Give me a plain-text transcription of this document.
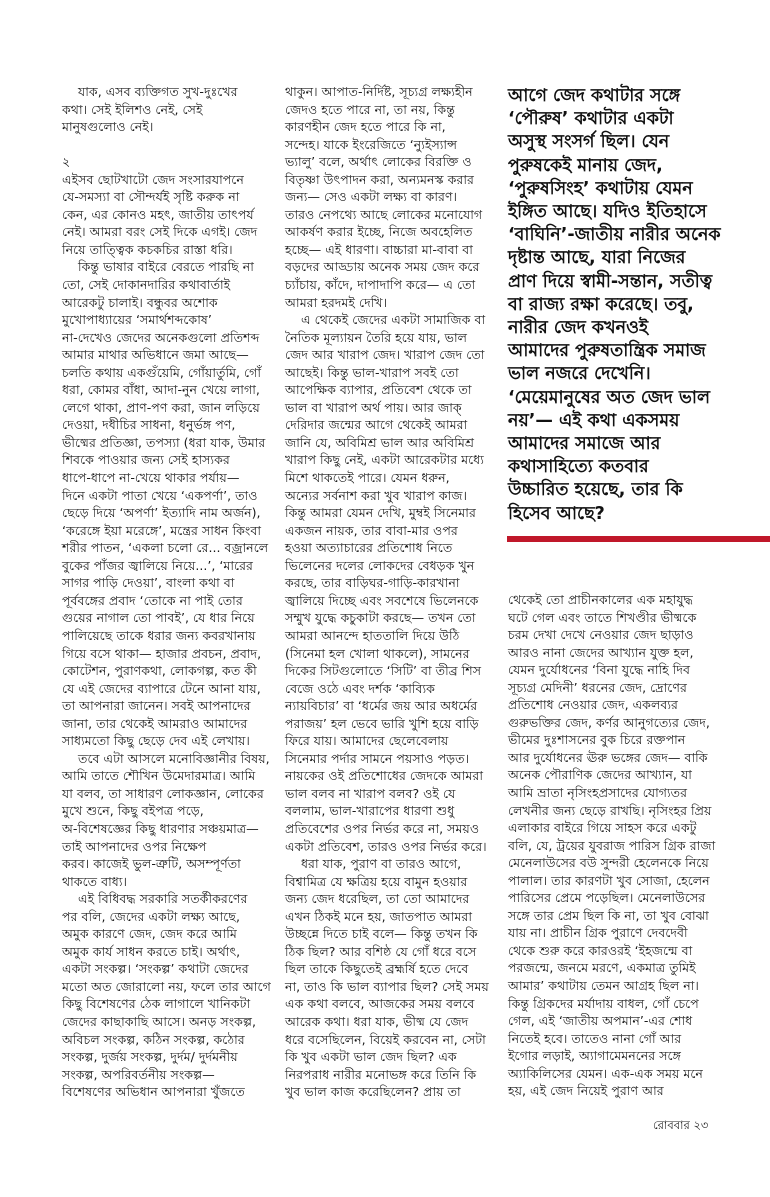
যাক, এসব ব্যক্তিগত সুখ-দুঃখের
কথা। সেই ইলিশও নেই, সেই
মানুষগুলোও নেই।

২
এইসব ছোটখাটো জেদ সংসারযাপনে
যে-সমস্যা বা সৌন্দর্যই সৃষ্টি করুক না
কেন, এর কোনও মহৎ, জাতীয় তাৎপর্য
নেই। আমরা বরং সেই দিকে এগই। জেদ
নিয়ে তাত্ত্বিক কচকচির রাস্তা ধরি।
কিন্তু ভাষার বাইরে বেরতে পারছি না
তো, সেই দোকানদারির কথাবার্তাই
আরেকটু চালাই। বন্ধুবর অশোক
মুখোপাধ্যায়ের ‘সমার্থশব্দকোষ’
না-দেখেও জেদের অনেকগুলো প্রতিশব্দ
আমার মাথার অভিধানে জমা আছে—
চলতি কথায় একগুঁয়েমি, গোঁয়ার্তুমি, গোঁ
ধরা, কোমর বাঁধা, আদা-নুন খেয়ে লাগা,
লেগে থাকা, প্রাণ-পণ করা, জান লড়িয়ে
দেওয়া, দধীচির সাধনা, ধনুর্ভঙ্গ পণ,
ভীষ্মের প্রতিজ্ঞা, তপস্যা (ধরা যাক, উমার
শিবকে পাওয়ার জন্য সেই হাস্যকর
ধাপে-ধাপে না-খেয়ে থাকার পর্যায়—
দিনে একটা পাতা খেয়ে ‘একপর্ণা’, তাও
ছেড়ে দিয়ে ‘অপর্ণা’ ইত্যাদি নাম অর্জন),
‘করেঙ্গে ইয়া মরেঙ্গে’, মন্ত্রের সাধন কিংবা
শরীর পাতন, ‘একলা চলো রে... বজ্রানলে
বুকের পাঁজর জ্বালিয়ে নিয়ে...’, ‘মারের
সাগর পাড়ি দেওয়া’, বাংলা কথা বা
পূর্ববঙ্গের প্রবাদ ‘তোকে না পাই তোর
গুয়ের নাগাল তো পাবই’, যে ধার নিয়ে
পালিয়েছে তাকে ধরার জন্য কবরখানায়
গিয়ে বসে থাকা— হাজার প্রবচন, প্রবাদ,
কোটেশন, পুরাণকথা, লোকগল্প, কত কী
যে এই জেদের ব্যাপারে টেনে আনা যায়,
তা আপনারা জানেন। সবই আপনাদের
জানা, তার থেকেই আমরাও আমাদের
সাধ্যমতো কিছু ছেড়ে দেব এই লেখায়।
তবে এটা আসলে মনোবিজ্ঞানীর বিষয়,
আমি তাতে শৌখিন উমেদারমাত্র। আমি
যা বলব, তা সাধারণ লোকজ্ঞান, লোকের
মুখে শুনে, কিছু বইপত্র পড়ে,
অ-বিশেষজ্ঞের কিছু ধারণার সঞ্চয়মাত্র—
তাই আপনাদের ওপর নিক্ষেপ
করব। কাজেই ভুল-ত্রুটি, অসম্পূর্ণতা
থাকতে বাধ্য।
এই বিধিবদ্ধ সরকারি সতর্কীকরণের
পর বলি, জেদের একটা লক্ষ্য আছে,
অমুক কারণে জেদ, জেদ করে আমি
অমুক কার্য সাধন করতে চাই। অর্থাৎ,
একটা সংকল্প। ‘সংকল্প’ কথাটা জেদের
মতো অত জোরালো নয়, ফলে তার আগে
কিছু বিশেষণের ঠেক লাগালে খানিকটা
জেদের কাছাকাছি আসে। অনড় সংকল্প,
অবিচল সংকল্প, কঠিন সংকল্প, কঠোর
সংকল্প, দুর্জয় সংকল্প, দুর্দম/ দুর্দমনীয়
সংকল্প, অপরিবর্তনীয় সংকল্প—
বিশেষণের অভিধান আপনারা খুঁজতে
থাকুন। আপাত-নির্দিষ্ট, সূচ্যগ্র লক্ষ্যহীন
জেদও হতে পারে না, তা নয়, কিন্তু
কারণহীন জেদ হতে পারে কি না,
সন্দেহ। যাকে ইংরেজিতে ‘ন্যুইস্যান্স
ভ্যালু’ বলে, অর্থাৎ লোকের বিরক্তি ও
বিতৃষ্ণা উৎপাদন করা, অন্যমনস্ক করার
জন্য— সেও একটা লক্ষ্য বা কারণ।
তারও নেপথ্যে আছে লোকের মনোযোগ
আকর্ষণ করার ইচ্ছে, নিজে অবহেলিত
হচ্ছে— এই ধারণা। বাচ্চারা মা-বাবা বা
বড়দের আড্ডায় অনেক সময় জেদ করে
চ্যাঁচায়, কাঁদে, দাপাদাপি করে— এ তো
আমরা হরদমই দেখি।
এ থেকেই জেদের একটা সামাজিক বা
নৈতিক মূল্যায়ন তৈরি হয়ে যায়, ভাল
জেদ আর খারাপ জেদ। খারাপ জেদ তো
আছেই। কিন্তু ভাল-খারাপ সবই তো
আপেক্ষিক ব্যাপার, প্রতিবেশ থেকে তা
ভাল বা খারাপ অর্থ পায়। আর জাক্
দেরিদার জন্মের আগে থেকেই আমরা
জানি যে, অবিমিশ্র ভাল আর অবিমিশ্র
খারাপ কিছু নেই, একটা আরেকটার মধ্যে
মিশে থাকতেই পারে। যেমন ধরুন,
অন্যের সর্বনাশ করা খুব খারাপ কাজ।
কিন্তু আমরা যেমন দেখি, মুম্বই সিনেমার
একজন নায়ক, তার বাবা-মার ওপর
হওয়া অত্যাচারের প্রতিশোধ নিতে
ভিলেনের দলের লোকদের বেধড়ক খুন
করছে, তার বাড়িঘর-গাড়ি-কারখানা
জ্বালিয়ে দিচ্ছে এবং সবশেষে ভিলেনকে
সম্মুখ যুদ্ধে কচুকাটা করছে— তখন তো
আমরা আনন্দে হাততালি দিয়ে উঠি
(সিনেমা হল খোলা থাকলে), সামনের
দিকের সিটগুলোতে ‘সিটি’ বা তীব্র শিস
বেজে ওঠে এবং দর্শক ‘কাব্যিক
ন্যায়বিচার’ বা ‘ধর্মের জয় আর অধর্মের
পরাজয়’ হল ভেবে ভারি খুশি হয়ে বাড়ি
ফিরে যায়। আমাদের ছেলেবেলায়
সিনেমার পর্দার সামনে পয়সাও পড়ত।
নায়কের ওই প্রতিশোধের জেদকে আমরা
ভাল বলব না খারাপ বলব? ওই যে
বললাম, ভাল-খারাপের ধারণা শুধু
প্রতিবেশের ওপর নির্ভর করে না, সময়ও
একটা প্রতিবেশ, তারও ওপর নির্ভর করে।
ধরা যাক, পুরাণ বা তারও আগে,
বিশ্বামিত্র যে ক্ষত্রিয় হয়ে বামুন হওয়ার
জন্য জেদ ধরেছিল, তা তো আমাদের
এখন ঠিকই মনে হয়, জাতপাত আমরা
উচ্ছন্নে দিতে চাই বলে— কিন্তু তখন কি
ঠিক ছিল? আর বশিষ্ঠ যে গোঁ ধরে বসে
ছিল তাকে কিছুতেই ব্রহ্মর্ষি হতে দেবে
না, তাও কি ভাল ব্যাপার ছিল? সেই সময়
এক কথা বলবে, আজকের সময় বলবে
আরেক কথা। ধরা যাক, ভীষ্ম যে জেদ
ধরে বসেছিলেন, বিয়েই করবেন না, সেটা
কি খুব একটা ভাল জেদ ছিল? এক
নিরপরাধ নারীর মনোভঙ্গ করে তিনি কি
খুব ভাল কাজ করেছিলেন? প্রায় তা
আগে জেদ কথাটার সঙ্গে
‘পৌরুষ’ কথাটার একটা
অসুস্থ সংসর্গ ছিল। যেন
পুরুষকেই মানায় জেদ,
‘পুরুষসিংহ’ কথাটায় যেমন
ইঙ্গিত আছে। যদিও ইতিহাসে
‘বাঘিনি’-জাতীয় নারীর অনেক
দৃষ্টান্ত আছে, যারা নিজের
প্রাণ দিয়ে স্বামী-সন্তান, সতীত্ব
বা রাজ্য রক্ষা করেছে। তবু,
নারীর জেদ কখনওই
আমাদের পুরুষতান্ত্রিক সমাজ
ভাল নজরে দেখেনি।
‘মেয়েমানুষের অত জেদ ভাল
নয়’— এই কথা একসময়
আমাদের সমাজে আর
কথাসাহিত্যে কতবার
উচ্চারিত হয়েছে, তার কি
হিসেব আছে?
থেকেই তো প্রাচীনকালের এক মহাযুদ্ধ
ঘটে গেল এবং তাতে শিখণ্ডীর ভীষ্মকে
চরম দেখা দেখে নেওয়ার জেদ ছাড়াও
আরও নানা জেদের আখ্যান যুক্ত হল,
যেমন দুর্যোধনের ‘বিনা যুদ্ধে নাহি দিব
সূচ্যগ্র মেদিনী’ ধরনের জেদ, দ্রোণের
প্রতিশোধ নেওয়ার জেদ, একলব্যর
গুরুভক্তির জেদ, কর্ণর আনুগত্যের জেদ,
ভীমের দুঃশাসনের বুক চিরে রক্তপান
আর দুর্যোধনের ঊরু ভঙ্গের জেদ— বাকি
অনেক পৌরাণিক জেদের আখ্যান, যা
আমি ভ্রাতা নৃসিংহপ্রসাদের যোগ্যতর
লেখনীর জন্য ছেড়ে রাখছি। নৃসিংহর প্রিয়
এলাকার বাইরে গিয়ে সাহস করে একটু
বলি, যে, ট্রয়ের যুবরাজ পারিস গ্রিক রাজা
মেনেলাউসের বউ সুন্দরী হেলেনকে নিয়ে
পালাল। তার কারণটা খুব সোজা, হেলেন
পারিসের প্রেমে পড়েছিল। মেনেলাউসের
সঙ্গে তার প্রেম ছিল কি না, তা খুব বোঝা
যায় না। প্রাচীন গ্রিক পুরাণে দেবদেবী
থেকে শুরু করে কারওরই ‘ইহজন্মে বা
পরজন্মে, জনমে মরণে, একমাত্র তুমিই
আমার’ কথাটায় তেমন আগ্রহ ছিল না।
কিন্তু গ্রিকদের মর্যাদায় বাধল, গোঁ চেপে
গেল, এই ‘জাতীয় অপমান’-এর শোধ
নিতেই হবে। তাতেও নানা গোঁ আর
ইগোর লড়াই, অ্যাগামেমননের সঙ্গে
অ্যাকিলিসের যেমন। এক-এক সময় মনে
হয়, এই জেদ নিয়েই পুরাণ আর
রোববার ২৩
